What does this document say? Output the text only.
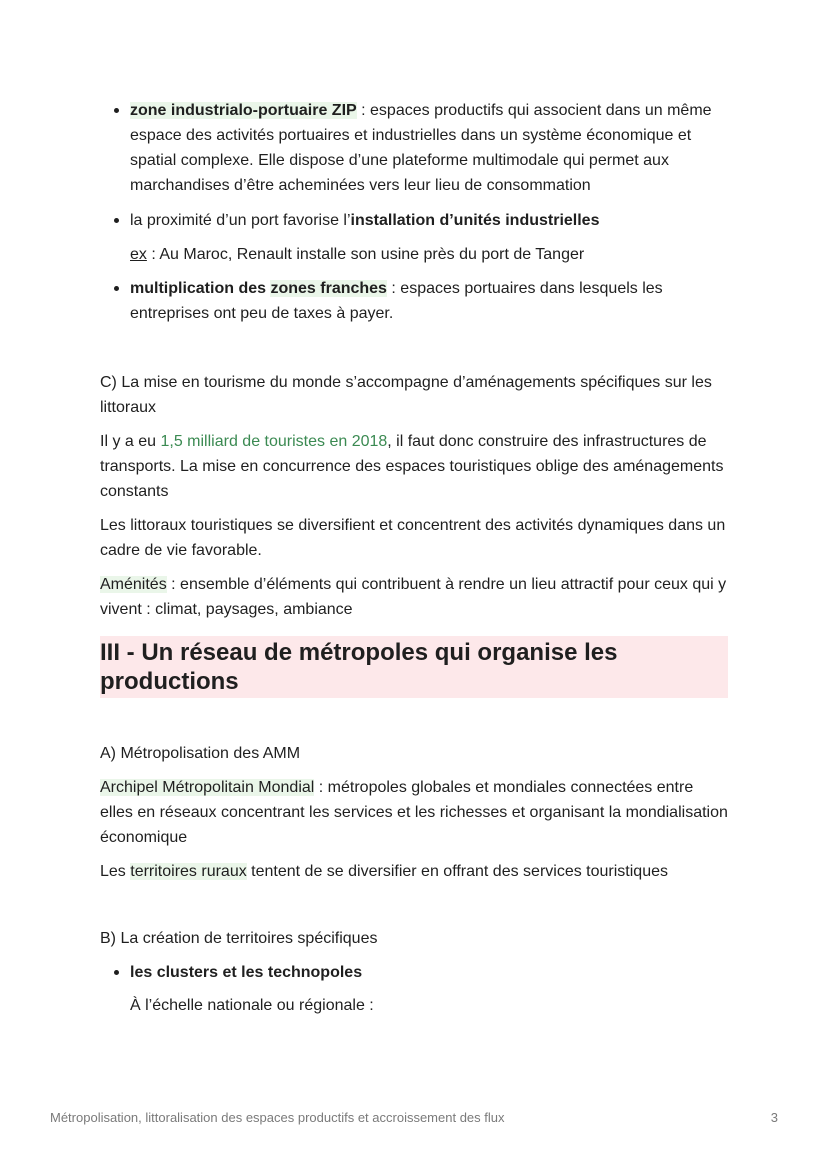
zone industrialo-portuaire ZIP : espaces productifs qui associent dans un même espace des activités portuaires et industrielles dans un système économique et spatial complexe. Elle dispose d’une plateforme multimodale qui permet aux marchandises d’être acheminées vers leur lieu de consommation

la proximité d’un port favorise l’installation d’unités industrielles

ex : Au Maroc, Renault installe son usine près du port de Tanger

multiplication des zones franches : espaces portuaires dans lesquels les entreprises ont peu de taxes à payer.

C) La mise en tourisme du monde s’accompagne d’aménagements spécifiques sur les littoraux

Il y a eu 1,5 milliard de touristes en 2018, il faut donc construire des infrastructures de transports. La mise en concurrence des espaces touristiques oblige des aménagements constants

Les littoraux touristiques se diversifient et concentrent des activités dynamiques dans un cadre de vie favorable.

Aménités : ensemble d’éléments qui contribuent à rendre un lieu attractif pour ceux qui y vivent : climat, paysages, ambiance

III - Un réseau de métropoles qui organise les productions

A) Métropolisation des AMM

Archipel Métropolitain Mondial : métropoles globales et mondiales connectées entre elles en réseaux concentrant les services et les richesses et organisant la mondialisation économique

Les territoires ruraux tentent de se diversifier en offrant des services touristiques

B) La création de territoires spécifiques

les clusters et les technopoles

À l’échelle nationale ou régionale :

Métropolisation, littoralisation des espaces productifs et accroissement des flux	3
